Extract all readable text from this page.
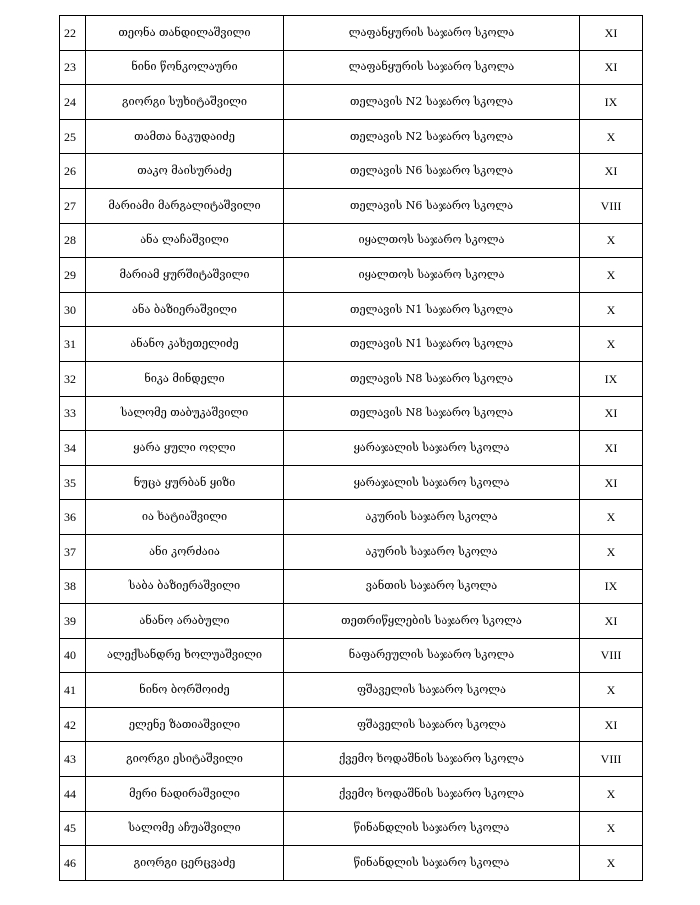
22	თეონა თანდილაშვილი	ლაფანყურის საჯარო სკოლა	XI
23	ნინი წონკოლაური	ლაფანყურის საჯარო სკოლა	XI
24	გიორგი სუხიტაშვილი	თელავის N2 საჯარო სკოლა	IX
25	თამთა ნაკუდაიძე	თელავის N2 საჯარო სკოლა	X
26	თაკო მაისურაძე	თელავის N6 საჯარო სკოლა	XI
27	მარიამი მარგალიტაშვილი	თელავის N6 საჯარო სკოლა	VIII
28	ანა ლაჩაშვილი	იყალთოს საჯარო სკოლა	X
29	მარიამ ყურშიტაშვილი	იყალთოს საჯარო სკოლა	X
30	ანა ბაზიერაშვილი	თელავის N1 საჯარო სკოლა	X
31	ანანო კახეთელიძე	თელავის N1 საჯარო სკოლა	X
32	ნიკა მინდელი	თელავის N8 საჯარო სკოლა	IX
33	სალომე თაბუკაშვილი	თელავის N8 საჯარო სკოლა	XI
34	ყარა ყული ოღლი	ყარაჯალის საჯარო სკოლა	XI
35	ნუცა ყურბან ყიზი	ყარაჯალის საჯარო სკოლა	XI
36	ია ხატიაშვილი	აკურის საჯარო სკოლა	X
37	ანი კორძაია	აკურის საჯარო სკოლა	X
38	საბა ბაზიერაშვილი	ვანთის საჯარო სკოლა	IX
39	ანანო არაბული	თეთრიწყლების საჯარო სკოლა	XI
40	ალექსანდრე ხოლუაშვილი	ნაფარეულის საჯარო სკოლა	VIII
41	ნინო ბორშოიძე	ფშაველის საჯარო სკოლა	X
42	ელენე ზათიაშვილი	ფშაველის საჯარო სკოლა	XI
43	გიორგი ესიტაშვილი	ქვემო ხოდაშნის საჯარო სკოლა	VIII
44	მერი ნადირაშვილი	ქვემო ხოდაშნის საჯარო სკოლა	X
45	სალომე აჩუაშვილი	წინანდლის საჯარო სკოლა	X
46	გიორგი ცერცვაძე	წინანდლის საჯარო სკოლა	X
